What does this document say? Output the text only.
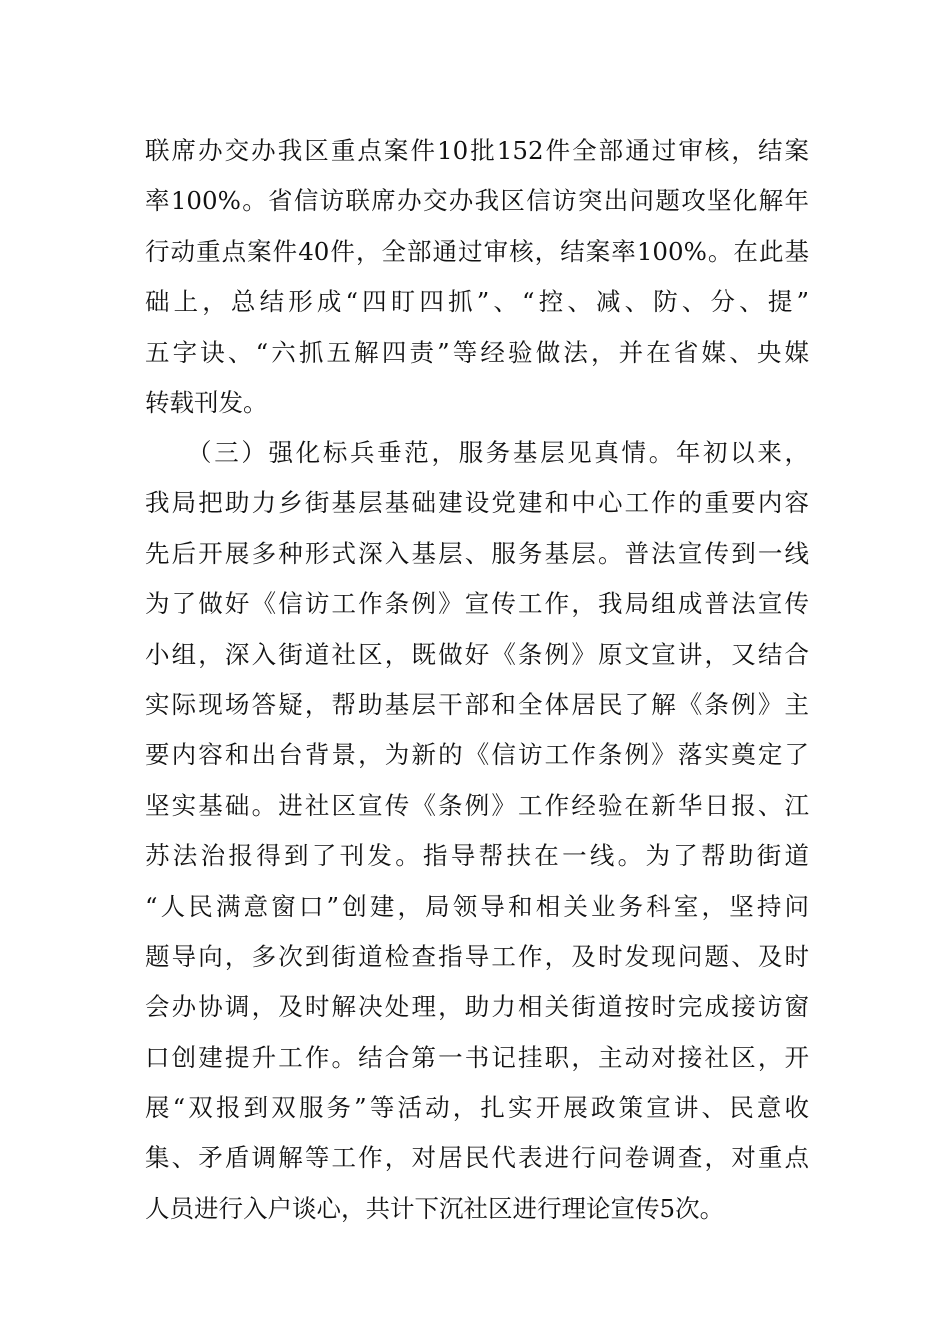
联席办交办我区重点案件10批152件全部通过审核，结案
率100%。省信访联席办交办我区信访突出问题攻坚化解年
行动重点案件40件，全部通过审核，结案率100%。在此基
础上，总结形成“四盯四抓”、“控、减、防、分、提”
五字诀、“六抓五解四责”等经验做法，并在省媒、央媒
转载刊发。
　　（三）强化标兵垂范，服务基层见真情。年初以来，
我局把助力乡街基层基础建设党建和中心工作的重要内容
先后开展多种形式深入基层、服务基层。普法宣传到一线
为了做好《信访工作条例》宣传工作，我局组成普法宣传
小组，深入街道社区，既做好《条例》原文宣讲，又结合
实际现场答疑，帮助基层干部和全体居民了解《条例》主
要内容和出台背景，为新的《信访工作条例》落实奠定了
坚实基础。进社区宣传《条例》工作经验在新华日报、江
苏法治报得到了刊发。指导帮扶在一线。为了帮助街道
“人民满意窗口”创建，局领导和相关业务科室，坚持问
题导向，多次到街道检查指导工作，及时发现问题、及时
会办协调，及时解决处理，助力相关街道按时完成接访窗
口创建提升工作。结合第一书记挂职，主动对接社区，开
展“双报到双服务”等活动，扎实开展政策宣讲、民意收
集、矛盾调解等工作，对居民代表进行问卷调查，对重点
人员进行入户谈心，共计下沉社区进行理论宣传5次。
